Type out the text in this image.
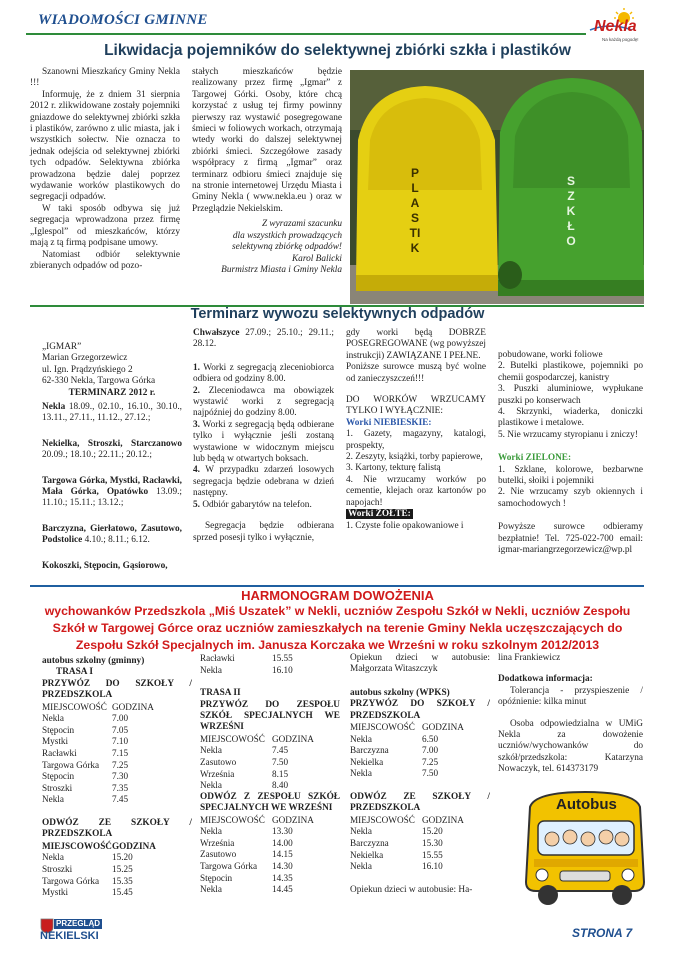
WIADOMOŚCI GMINNE	Nekla
Na każdą pogodę!
Likwidacja pojemników do selektywnej zbiórki szkła i plastików

Szanowni Mieszkańcy Gminy Nekla !!!

Informuję, że z dniem 31 sierpnia 2012 r. zlikwidowane zostały pojemniki gniazdowe do selektywnej zbiórki szkła i plastików, zarówno z ulic miasta, jak i wszystkich sołectw. Nie oznacza to jednak odejścia od selektywnej zbiórki tych odpadów. Selektywna zbiórka prowadzona będzie dalej poprzez wydawanie worków plastikowych do segregacji odpadów.

W taki sposób odbywa się już segregacja wprowadzona przez firmę „Iglespol” od mieszkańców, którzy mają z tą firmą podpisane umowy.

Natomiast odbiór selektywnie zbieranych odpadów od pozo-

stałych mieszkańców będzie realizowany przez firmę „Igmar” z Targowej Górki. Osoby, które chcą korzystać z usług tej firmy powinny pierwszy raz wystawić posegregowane śmieci w foliowych workach, otrzymają wtedy worki do dalszej selektywnej zbiórki śmieci. Szczegółowe zasady współpracy z firmą „Igmar” oraz terminarz odbioru śmieci znajduje się na stronie internetowej Urzędu Miasta i Gminy Nekla ( www.nekla.eu ) oraz w Przeglądzie Nekielskim.

Z wyrazami szacunku

dla wszystkich prowadzących

selektywną zbiórkę odpadów!

Karol Balicki

Burmistrz Miasta i Gminy Nekla

PLASTIK
SZKŁO
Terminarz wywozu selektywnych odpadów

„IGMAR”

Marian Grzegorzewicz

ul. Ign. Prądzyńskiego 2

62-330 Nekla, Targowa Górka

TERMINARZ 2012 r.

Nekla 18.09., 02.10., 16.10., 30.10., 13.11., 27.11., 11.12., 27.12.;

Nekielka, Stroszki, Starczanowo 20.09.; 18.10.; 22.11.; 20.12.;

Targowa Górka, Mystki, Racławki, Mała Górka, Opatówko 13.09.; 11.10.; 15.11.; 13.12.;

Barczyzna, Gierłatowo, Zasutowo, Podstolice 4.10.; 8.11.; 6.12.

Kokoszki, Stępocin, Gąsiorowo,

Chwałszyce 27.09.; 25.10.; 29.11.; 28.12.

1. Worki z segregacją zleceniobiorca odbiera od godziny 8.00.

2. Zleceniodawca ma obowiązek wystawić worki z segregacją najpóźniej do godziny 8.00.

3. Worki z segregacją będą odbierane tylko i wyłącznie jeśli zostaną wystawione w widocznym miejscu lub będą w otwartych boksach.

4. W przypadku zdarzeń losowych segregacja będzie odebrana w dzień następny.

5. Odbiór gabarytów na telefon.

Segregacja będzie odbierana sprzed posesji tylko i wyłącznie,

gdy worki będą DOBRZE POSEGREGOWANE (wg powyższej instrukcji) ZAWIĄZANE I PEŁNE.

Poniższe surowce muszą być wolne od zanieczyszczeń!!!

DO WORKÓW WRZUCAMY TYLKO I WYŁĄCZNIE:

Worki NIEBIESKIE:

1. Gazety, magazyny, katalogi, prospekty,

2. Zeszyty, książki, torby papierowe,

3. Kartony, tekturę falistą

4. Nie wrzucamy worków po cementie, klejach oraz kartonów po napojach!

Worki ŻÓŁTE:

1. Czyste folie opakowaniowe i

pobudowane, worki foliowe

2. Butelki plastikowe, pojemniki po chemii gospodarczej, kanistry

3. Puszki aluminiowe, wypłukane puszki po konserwach

4. Skrzynki, wiaderka, doniczki plastikowe i metalowe.

5. Nie wrzucamy styropianu i zniczy!

Worki ZIELONE:

1. Szklane, kolorowe, bezbarwne butelki, słoiki i pojemniki

2. Nie wrzucamy szyb okiennych i samochodowych !

Powyższe surowce odbieramy bezpłatnie! Tel. 725-022-700 email: igmar-mariangrzegorzewicz@wp.pl

HARMONOGRAM DOWOŻENIA
wychowanków Przedszkola „Miś Uszatek” w Nekli, uczniów Zespołu Szkół w Nekli, uczniów Zespołu Szkół w Targowej Górce oraz uczniów zamieszkałych na terenie Gminy Nekla uczęszczających do Zespołu Szkół Specjalnych im. Janusza Korczaka we Wrześni w roku szkolnym 2012/2013

autobus szkolny (gminny)

TRASA I

PRZYWÓZ DO SZKOŁY / PRZEDSZKOLA

MIEJSCOWOŚĆ	GODZINA
Nekla	7.00
Stępocin	7.05
Mystki	7.10
Racławki	7.15
Targowa Górka	7.25
Stępocin	7.30
Stroszki	7.35
Nekla	7.45

ODWÓZ ZE SZKOŁY / PRZEDSZKOLA

MIEJSCOWOŚĆ	GODZINA
Nekla	15.20
Stroszki	15.25
Targowa Górka	15.35
Mystki	15.45
Racławki	15.55
Nekla	16.10

TRASA II

PRZYWÓZ DO ZESPOŁU SZKÓŁ SPECJALNYCH WE WRZEŚNI

MIEJSCOWOŚĆ	GODZINA
Nekla	7.45
Zasutowo	7.50
Września	8.15
Nekla	8.40

ODWÓZ Z ZESPOŁU SZKÓŁ SPECJALNYCH WE WRZEŚNI

MIEJSCOWOŚĆ	GODZINA
Nekla	13.30
Września	14.00
Zasutowo	14.15
Targowa Górka	14.30
Stępocin	14.35
Nekla	14.45

Opiekun dzieci w autobusie: Małgorzata Witaszczyk

autobus szkolny (WPKS)

PRZYWÓZ DO SZKOŁY / PRZEDSZKOLA

MIEJSCOWOŚĆ	GODZINA
Nekla	6.50
Barczyzna	7.00
Nekielka	7.25
Nekla	7.50

ODWÓZ ZE SZKOŁY / PRZEDSZKOLA

MIEJSCOWOŚĆ	GODZINA
Nekla	15.20
Barczyzna	15.30
Nekielka	15.55
Nekla	16.10

Opiekun dzieci w autobusie: Ha-

lina Frankiewicz

Dodatkowa informacja:

Tolerancja - przyspieszenie / opóźnienie: kilka minut

Osoba odpowiedzialna w UMiG Nekla za dowożenie uczniów/wychowanków do szkół/przedszkola: Katarzyna Nowaczyk, tel. 614373179

Autobus
PRZEGLĄD
NEKIELSKI	STRONA 7
